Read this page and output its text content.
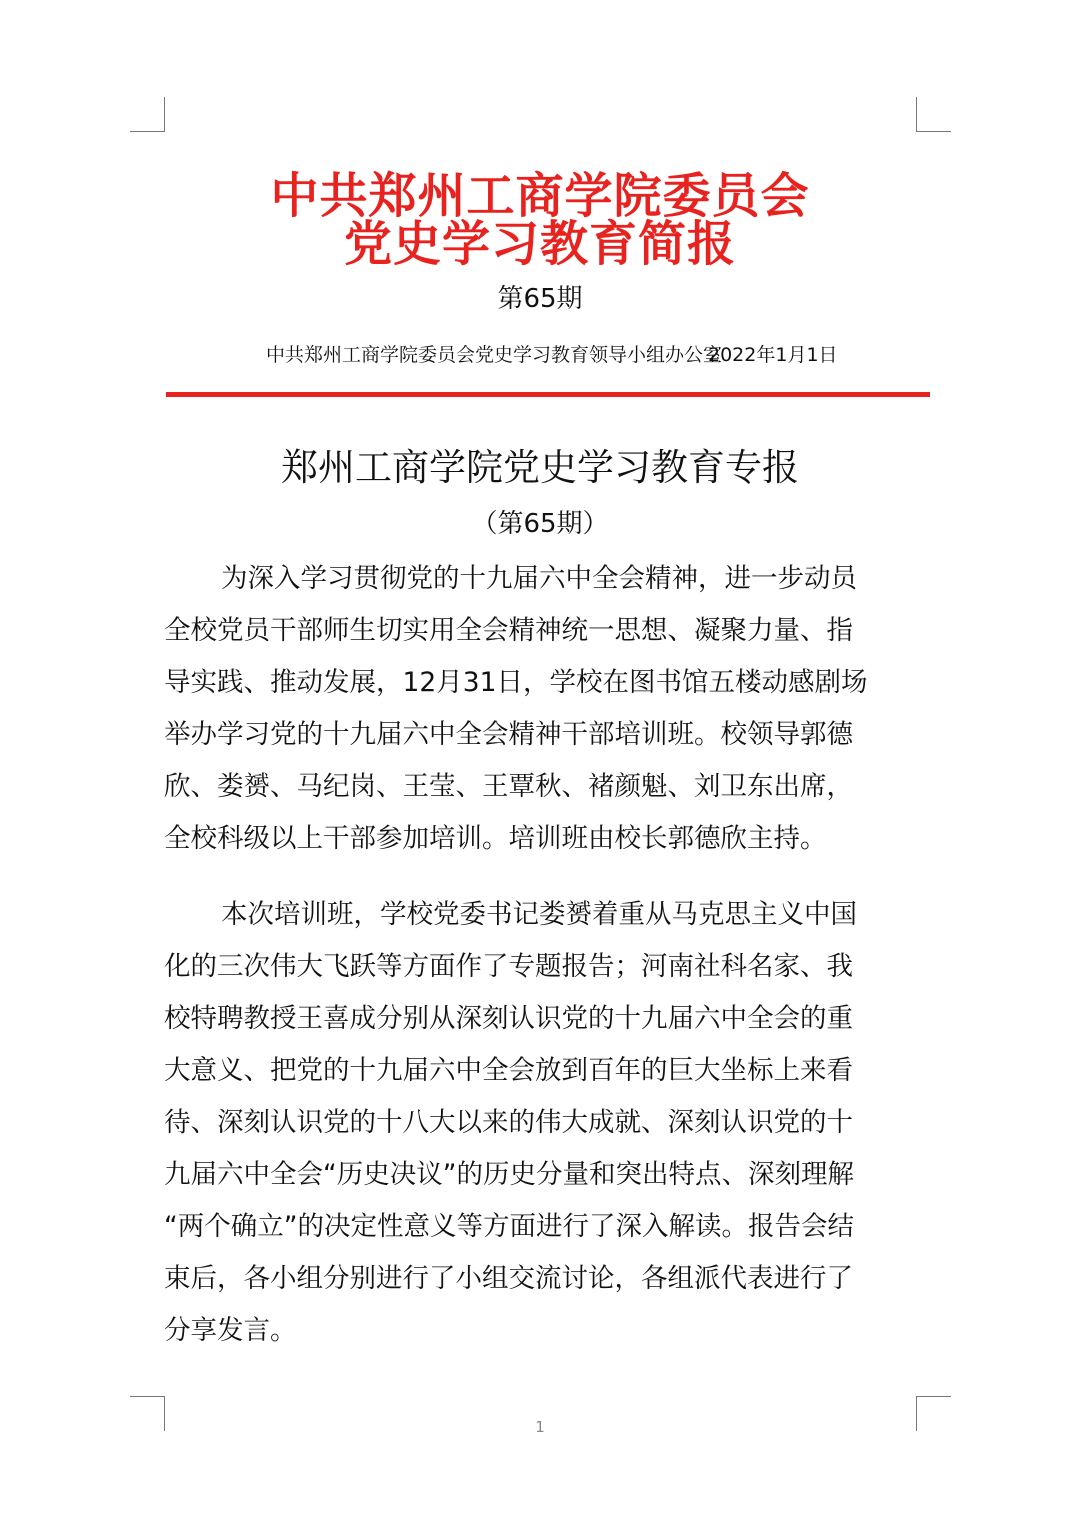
中共郑州工商学院委员会
党史学习教育简报
第65期
中共郑州工商学院委员会党史学习教育领导小组办公室
2022年1月1日
郑州工商学院党史学习教育专报
（第65期）
为深入学习贯彻党的十九届六中全会精神，进一步动员
全校党员干部师生切实用全会精神统一思想、凝聚力量、指
导实践、推动发展，12月31日，学校在图书馆五楼动感剧场
举办学习党的十九届六中全会精神干部培训班。校领导郭德
欣、娄赟、马纪岗、王莹、王覃秋、褚颜魁、刘卫东出席，
全校科级以上干部参加培训。培训班由校长郭德欣主持。
本次培训班，学校党委书记娄赟着重从马克思主义中国
化的三次伟大飞跃等方面作了专题报告；河南社科名家、我
校特聘教授王喜成分别从深刻认识党的十九届六中全会的重
大意义、把党的十九届六中全会放到百年的巨大坐标上来看
待、深刻认识党的十八大以来的伟大成就、深刻认识党的十
九届六中全会“历史决议”的历史分量和突出特点、深刻理解
“两个确立”的决定性意义等方面进行了深入解读。报告会结
束后，各小组分别进行了小组交流讨论，各组派代表进行了
分享发言。
1
